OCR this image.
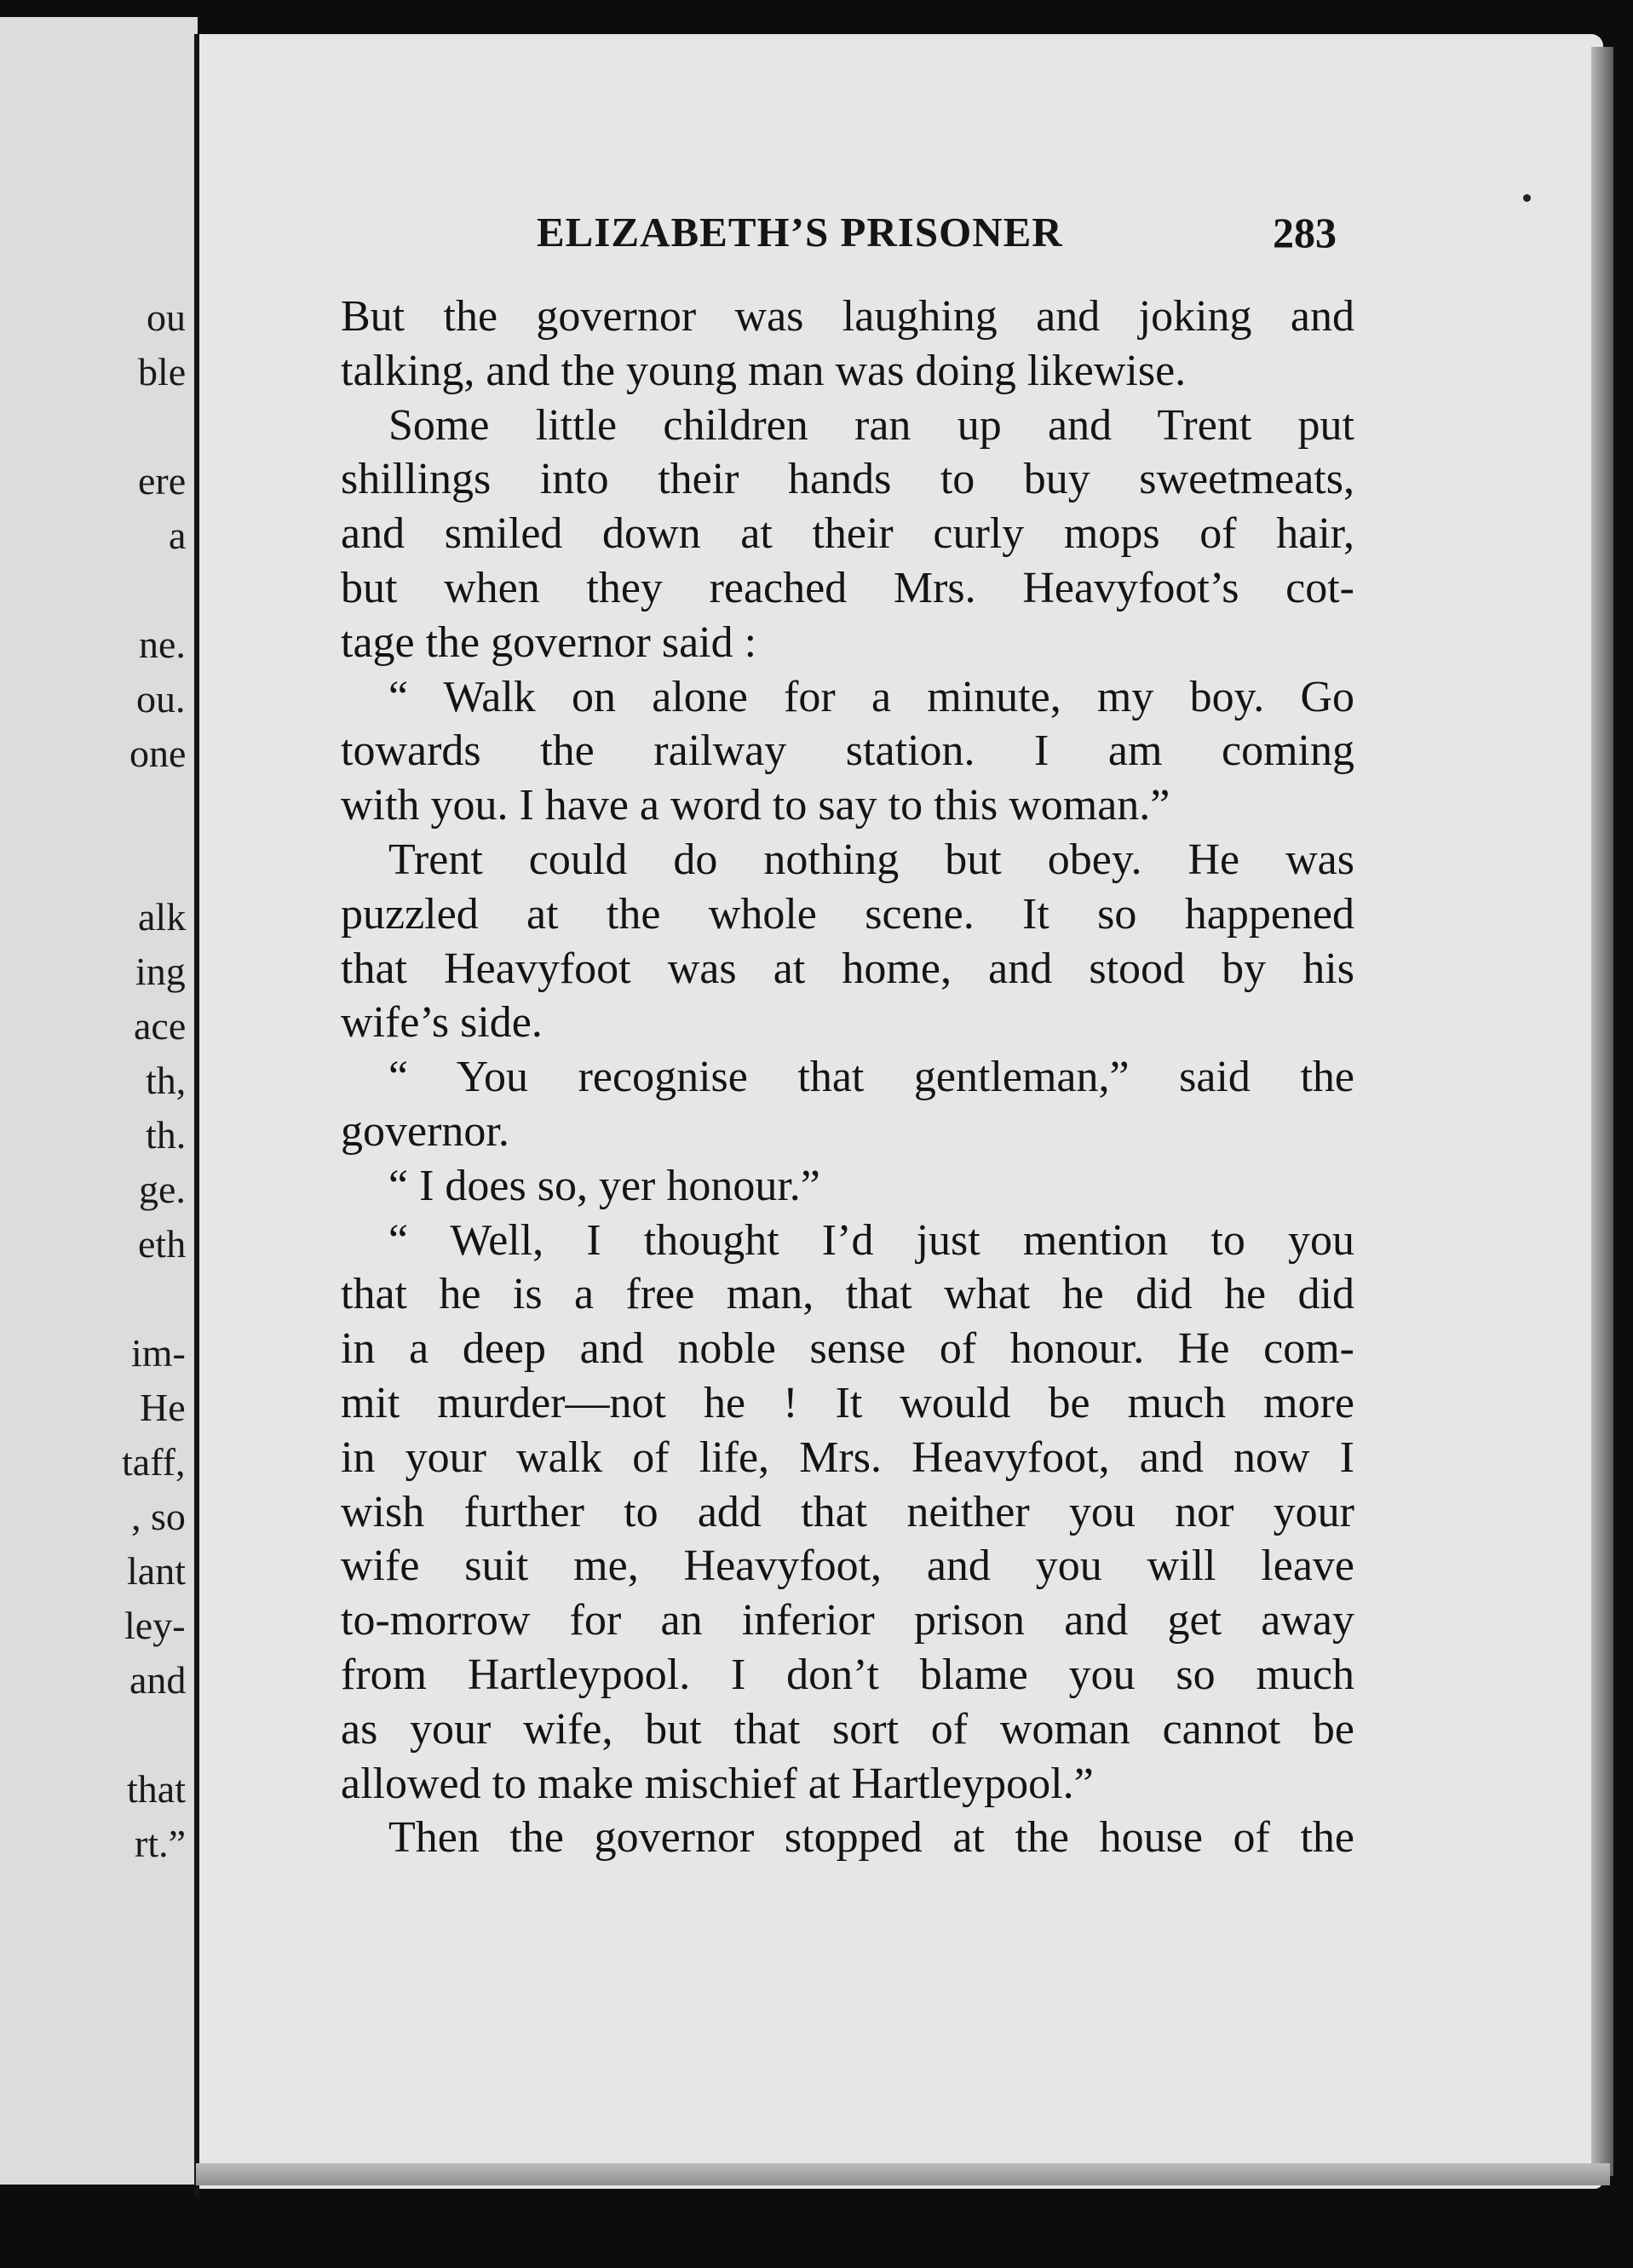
ou
ble
ere
a
ne.
ou.
one
alk
ing
ace
th,
th.
ge.
eth
im-
He
taff,
, so
lant
ley-
and
that
rt.”
ELIZABETH’S PRISONER	283
But the governor was laughing and joking and
talking, and the young man was doing likewise.
Some little children ran up and Trent put
shillings into their hands to buy sweetmeats,
and smiled down at their curly mops of hair,
but when they reached Mrs. Heavyfoot’s cot-
tage the governor said :
“ Walk on alone for a minute, my boy. Go
towards the railway station. I am coming
with you. I have a word to say to this woman.”
Trent could do nothing but obey. He was
puzzled at the whole scene. It so happened
that Heavyfoot was at home, and stood by his
wife’s side.
“ You recognise that gentleman,” said the
governor.
“ I does so, yer honour.”
“ Well, I thought I’d just mention to you
that he is a free man, that what he did he did
in a deep and noble sense of honour. He com-
mit murder—not he ! It would be much more
in your walk of life, Mrs. Heavyfoot, and now I
wish further to add that neither you nor your
wife suit me, Heavyfoot, and you will leave
to-morrow for an inferior prison and get away
from Hartleypool. I don’t blame you so much
as your wife, but that sort of woman cannot be
allowed to make mischief at Hartleypool.”
Then the governor stopped at the house of the
